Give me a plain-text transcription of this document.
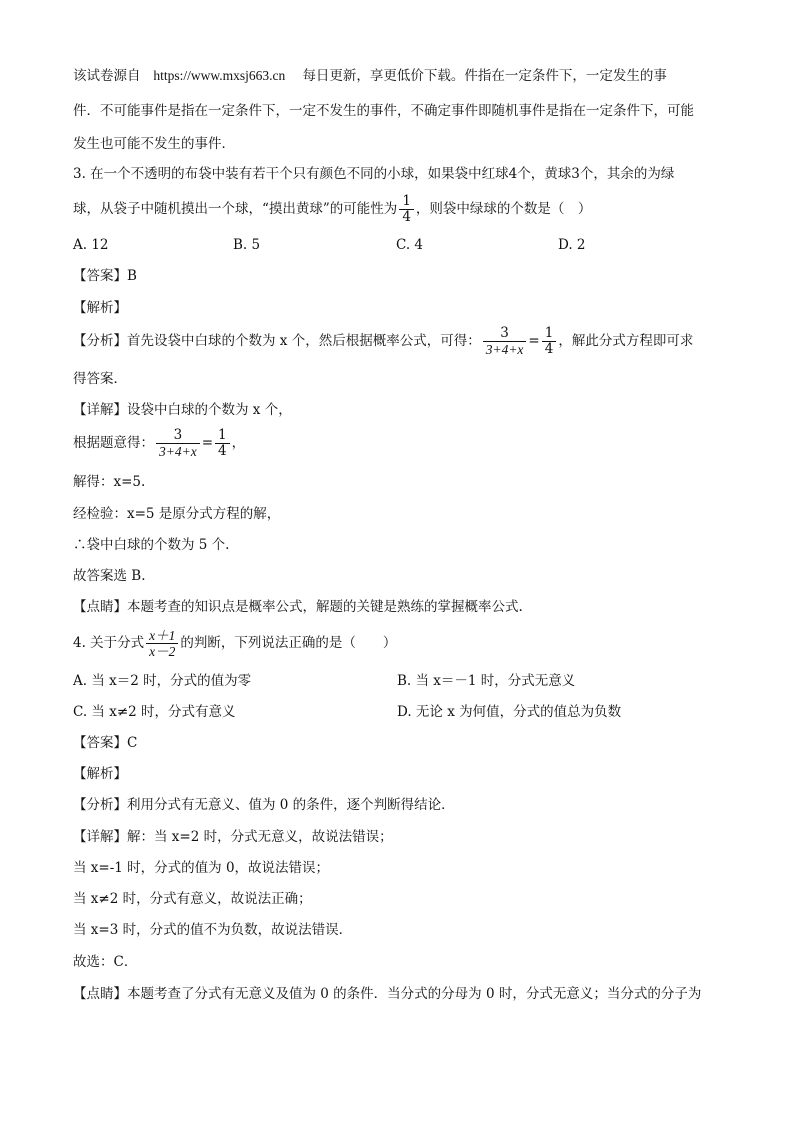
该试卷源自 https://www.mxsj663.cn 每日更新，享更低价下载。件指在一定条件下，一定发生的事
件．不可能事件是指在一定条件下，一定不发生的事件，不确定事件即随机事件是指在一定条件下，可能
发生也可能不发生的事件．
3. 在一个不透明的布袋中装有若干个只有颜色不同的小球，如果袋中红球4个，黄球3个，其余的为绿
球，从袋子中随机摸出一个球，“摸出黄球”的可能性为 $\frac{1}{4}$ ，则袋中绿球的个数是（　）
A. 12	B. 5	C. 4	D. 2
【答案】B
【解析】
【分析】首先设袋中白球的个数为 x 个，然后根据概率公式，可得： $\frac{3}{3+4+x} = \frac{1}{4}$ ，解此分式方程即可求
得答案．
【详解】设袋中白球的个数为 x 个，
根据题意得： $\frac{3}{3+4+x} = \frac{1}{4}$ ，
解得：x=5.
经检验：x=5 是原分式方程的解，
∴袋中白球的个数为 5 个.
故答案选 B.
【点睛】本题考查的知识点是概率公式，解题的关键是熟练的掌握概率公式.
4. 关于分式 $\frac{x+1}{x-2}$ 的判断，下列说法正确的是（　　）
A. 当 x＝2 时，分式的值为零	B. 当 x＝－1 时，分式无意义
C. 当 x≠2 时，分式有意义	D. 无论 x 为何值，分式的值总为负数
【答案】C
【解析】
【分析】利用分式有无意义、值为 0 的条件，逐个判断得结论．
【详解】解：当 x=2 时，分式无意义，故说法错误；
当 x=-1 时，分式的值为 0，故说法错误；
当 x≠2 时，分式有意义，故说法正确；
当 x=3 时，分式的值不为负数，故说法错误．
故选：C．
【点睛】本题考查了分式有无意义及值为 0 的条件．当分式的分母为 0 时，分式无意义；当分式的分子为
